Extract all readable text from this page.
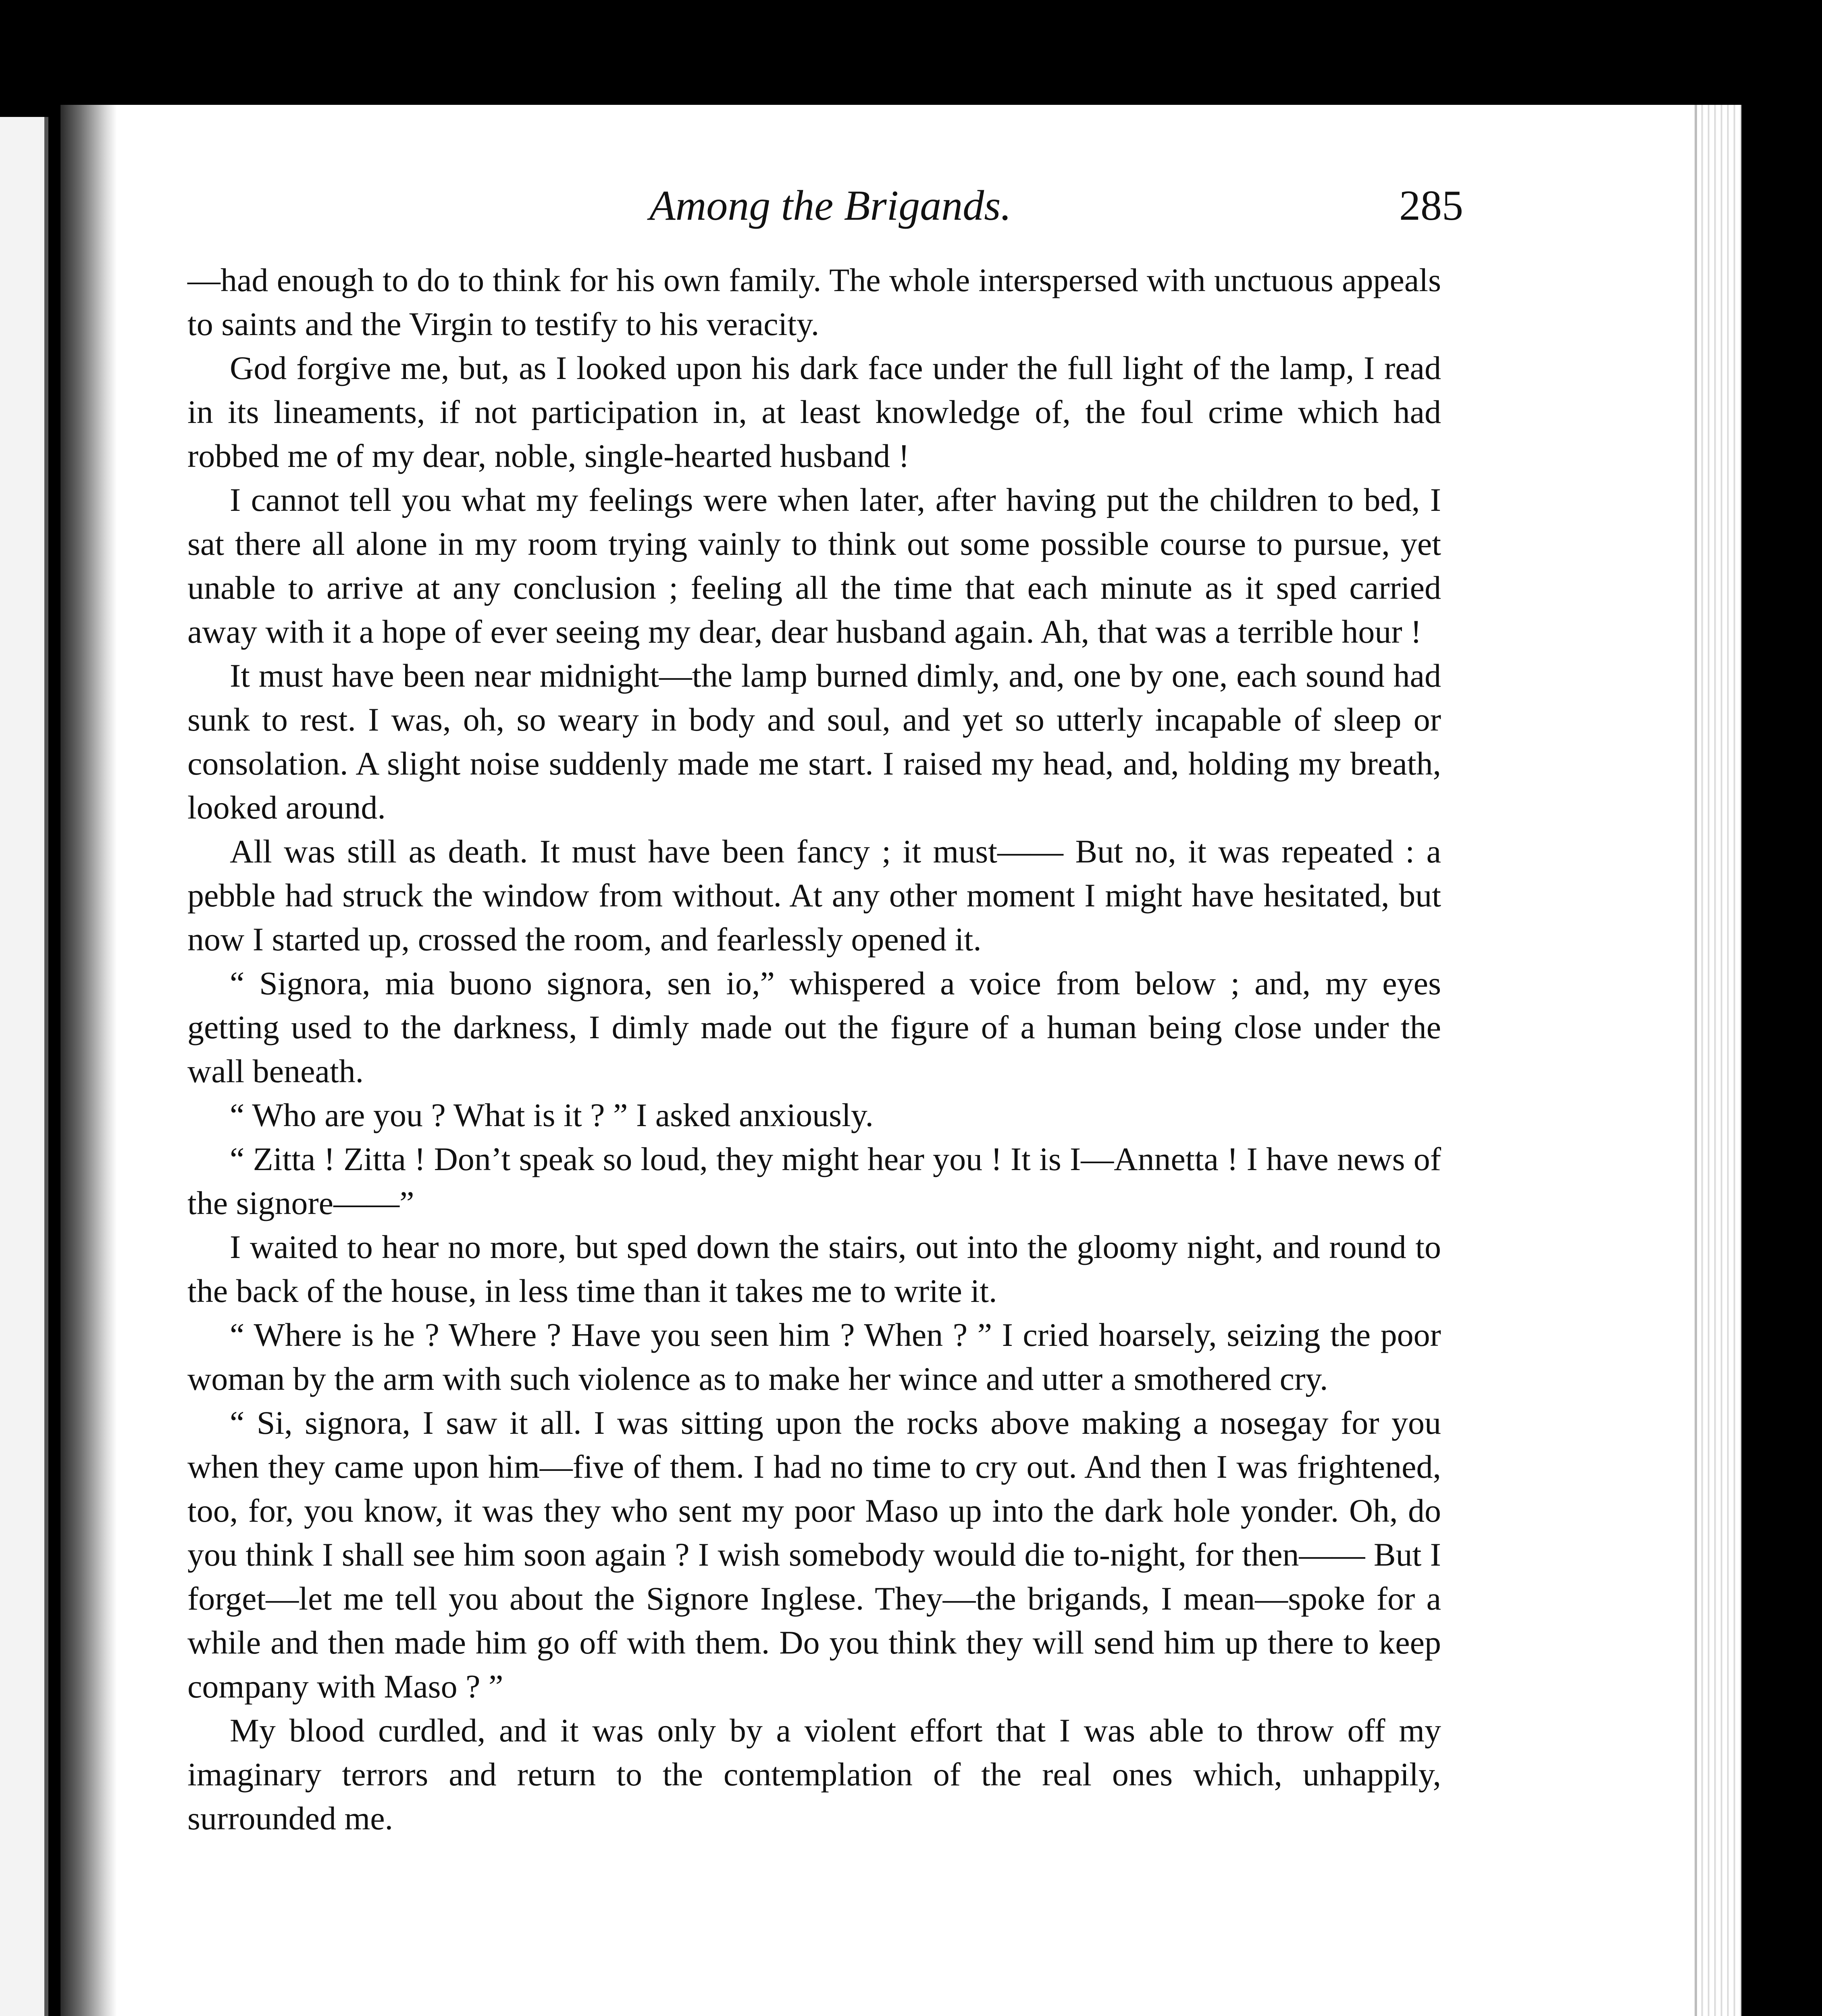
Among the Brigands.	285

—had enough to do to think for his own family. The whole interspersed with unctuous appeals to saints and the Virgin to testify to his veracity.

God forgive me, but, as I looked upon his dark face under the full light of the lamp, I read in its lineaments, if not participation in, at least knowledge of, the foul crime which had robbed me of my dear, noble, single-hearted husband !

I cannot tell you what my feelings were when later, after having put the children to bed, I sat there all alone in my room trying vainly to think out some possible course to pursue, yet unable to arrive at any conclusion ; feeling all the time that each minute as it sped carried away with it a hope of ever seeing my dear, dear husband again. Ah, that was a terrible hour !

It must have been near midnight—the lamp burned dimly, and, one by one, each sound had sunk to rest. I was, oh, so weary in body and soul, and yet so utterly incapable of sleep or consolation. A slight noise suddenly made me start. I raised my head, and, holding my breath, looked around.

All was still as death. It must have been fancy ; it must—— But no, it was repeated : a pebble had struck the window from without. At any other moment I might have hesitated, but now I started up, crossed the room, and fearlessly opened it.

“ Signora, mia buono signora, sen io,” whispered a voice from below ; and, my eyes getting used to the darkness, I dimly made out the figure of a human being close under the wall beneath.

“ Who are you ? What is it ? ” I asked anxiously.

“ Zitta ! Zitta ! Don’t speak so loud, they might hear you ! It is I—Annetta ! I have news of the signore——”

I waited to hear no more, but sped down the stairs, out into the gloomy night, and round to the back of the house, in less time than it takes me to write it.

“ Where is he ? Where ? Have you seen him ? When ? ” I cried hoarsely, seizing the poor woman by the arm with such violence as to make her wince and utter a smothered cry.

“ Si, signora, I saw it all. I was sitting upon the rocks above making a nosegay for you when they came upon him—five of them. I had no time to cry out. And then I was frightened, too, for, you know, it was they who sent my poor Maso up into the dark hole yonder. Oh, do you think I shall see him soon again ? I wish somebody would die to-night, for then—— But I forget—let me tell you about the Signore Inglese. They—the brigands, I mean—spoke for a while and then made him go off with them. Do you think they will send him up there to keep company with Maso ? ”

My blood curdled, and it was only by a violent effort that I was able to throw off my imaginary terrors and return to the contemplation of the real ones which, unhappily, surrounded me.
